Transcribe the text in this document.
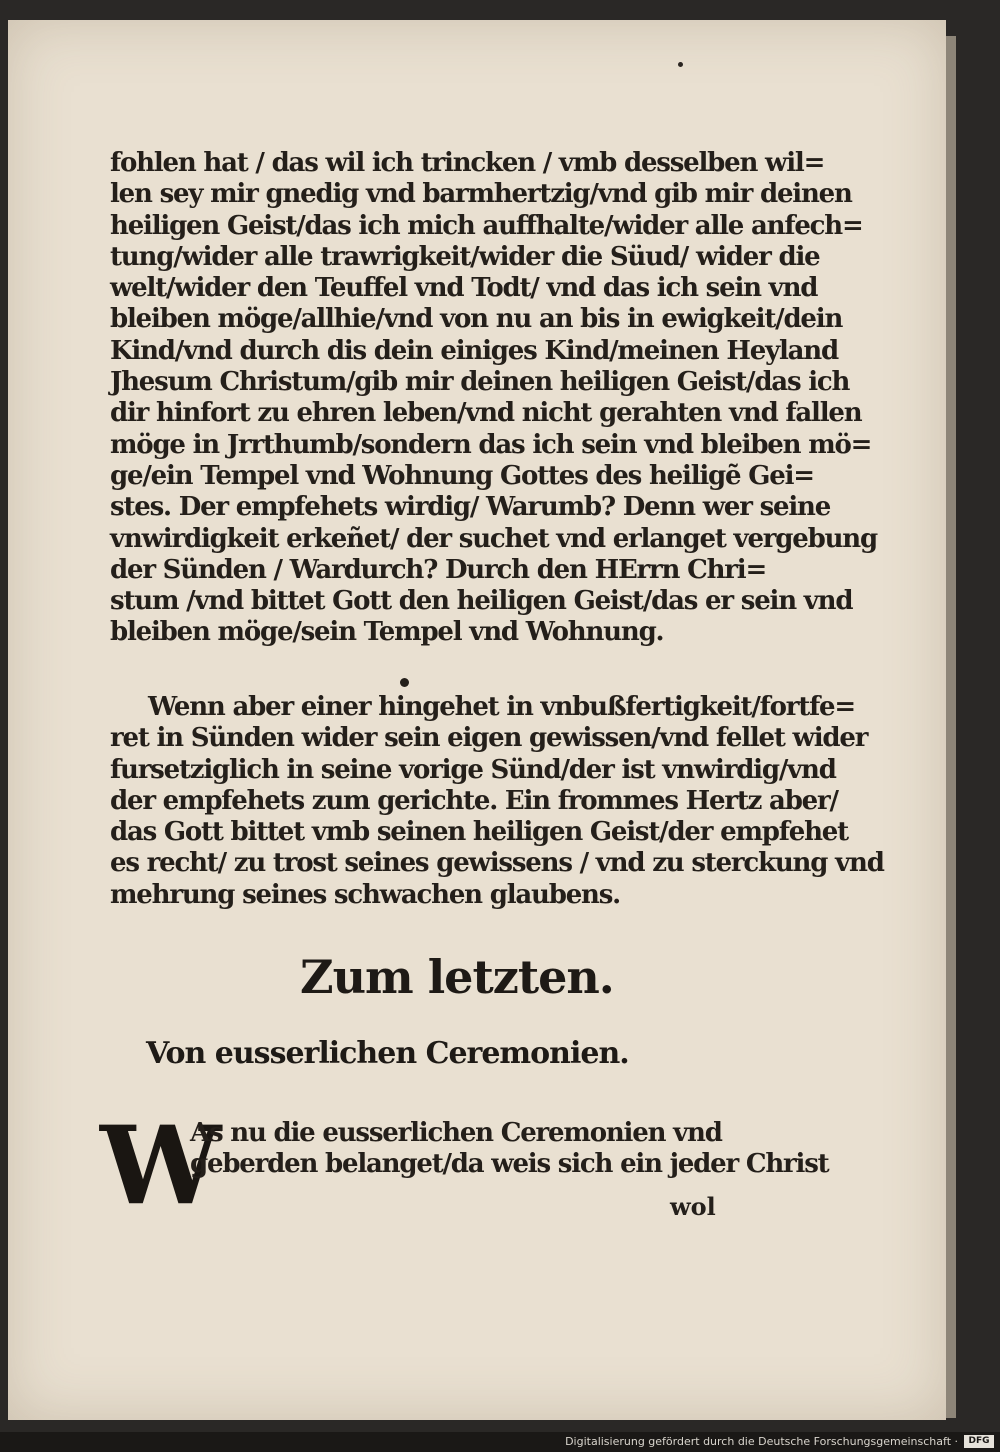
fohlen hat / das wil ich trincken / vmb desselben wil=
len sey mir gnedig vnd barmhertzig/vnd gib mir deinen
heiligen Geist/das ich mich auffhalte/wider alle anfech=
tung/wider alle trawrigkeit/wider die Süud/ wider die
welt/wider den Teuffel vnd Todt/ vnd das ich sein vnd
bleiben möge/allhie/vnd von nu an bis in ewigkeit/dein
Kind/vnd durch dis dein einiges Kind/meinen Heyland
Jhesum Christum/gib mir deinen heiligen Geist/das ich
dir hinfort zu ehren leben/vnd nicht gerahten vnd fallen
möge in Jrrthumb/sondern das ich sein vnd bleiben mö=
ge/ein Tempel vnd Wohnung Gottes des heiligẽ Gei=
stes. Der empfehets wirdig/ Warumb? Denn wer seine
vnwirdigkeit erkeñet/ der suchet vnd erlanget vergebung
der Sünden / Wardurch? Durch den HErrn Chri=
stum /vnd bittet Gott den heiligen Geist/das er sein vnd
bleiben möge/sein Tempel vnd Wohnung.
Wenn aber einer hingehet in vnbußfertigkeit/fortfe=
ret in Sünden wider sein eigen gewissen/vnd fellet wider
fursetziglich in seine vorige Sünd/der ist vnwirdig/vnd
der empfehets zum gerichte. Ein frommes Hertz aber/
das Gott bittet vmb seinen heiligen Geist/der empfehet
es recht/ zu trost seines gewissens / vnd zu sterckung vnd
mehrung seines schwachen glaubens.
Zum letzten.
Von eusserlichen Ceremonien.
W
As nu die eusserlichen Ceremonien vnd
geberden belanget/da weis sich ein jeder Christ
wol
Digitalisierung gefördert durch die Deutsche Forschungsgemeinschaft ·	DFG
